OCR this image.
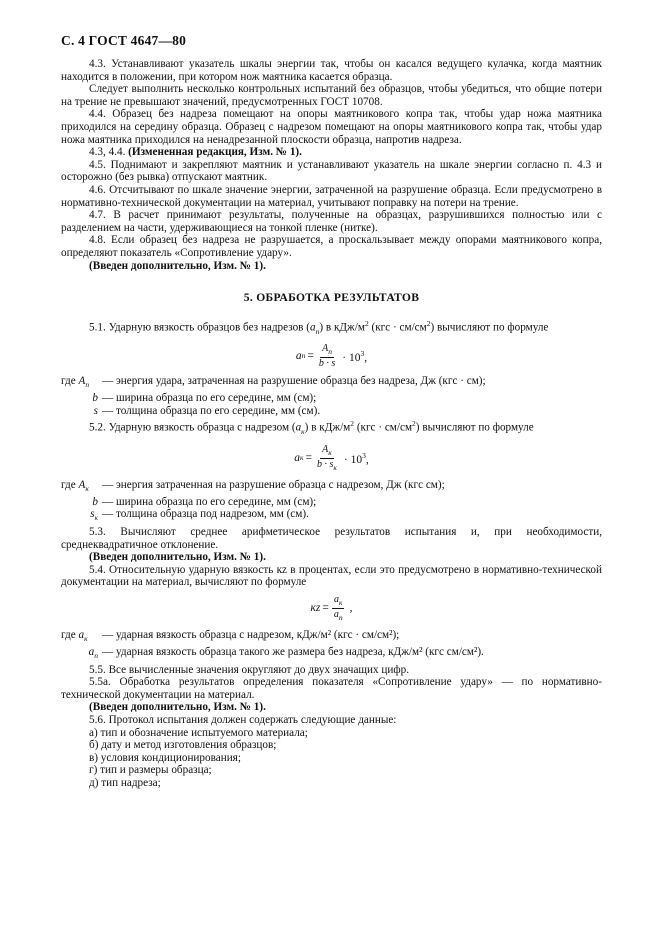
С. 4 ГОСТ 4647—80

4.3. Устанавливают указатель шкалы энергии так, чтобы он касался ведущего кулачка, когда маятник находится в положении, при котором нож маятника касается образца.

Следует выполнить несколько контрольных испытаний без образцов, чтобы убедиться, что общие потери на трение не превышают значений, предусмотренных ГОСТ 10708.

4.4. Образец без надреза помещают на опоры маятникового копра так, чтобы удар ножа маятника приходился на середину образца. Образец с надрезом помещают на опоры маятникового копра так, чтобы удар ножа маятника приходился на ненадрезанной плоскости образца, напротив надреза.

4.3, 4.4. (Измененная редакция, Изм. № 1).

4.5. Поднимают и закрепляют маятник и устанавливают указатель на шкале энергии согласно п. 4.3 и осторожно (без рывка) отпускают маятник.

4.6. Отсчитывают по шкале значение энергии, затраченной на разрушение образца. Если предусмотрено в нормативно-технической документации на материал, учитывают поправку на потери на трение.

4.7. В расчет принимают результаты, полученные на образцах, разрушившихся полностью или с разделением на части, удерживающиеся на тонкой пленке (нитке).

4.8. Если образец без надреза не разрушается, а проскальзывает между опорами маятникового копра, определяют показатель «Сопротивление удару».

(Введен дополнительно, Изм. № 1).

5. ОБРАБОТКА РЕЗУЛЬТАТОВ

5.1. Ударную вязкость образцов без надрезов $(a_n)$ в кДж/$м^2$ $(кгс \cdot см/см^2)$ вычисляют по формуле

a $n = \frac{A_n}{b \cdot s} \cdot 10^3$,
где $A_n$	— энергия удара, затраченная на разрушение образца без надреза, Дж (кгс · см);
b — ширина образца по его середине, мм (см);
s — толщина образца по его середине, мм (см).

5.2. Ударную вязкость образца с надрезом $(a_к)$ в кДж/$м^2$ $(кгс \cdot см/см^2)$ вычисляют по формуле

a $к = \frac{A_к}{b \cdot s_к} \cdot 10^3$,
где $A_к$	— энергия затраченная на разрушение образца с надрезом, Дж (кгс см);
b — ширина образца по его середине, мм (см);
$s_к$ — толщина образца под надрезом, мм (см).

5.3. Вычисляют среднее арифметическое результатов испытания и, при необходимости, среднеквадратичное отклонение.

(Введен дополнительно, Изм. № 1).

5.4. Относительную ударную вязкость кz в процентах, если это предусмотрено в нормативно-технической документации на материал, вычисляют по формуле

кz = $\frac{a_к}{a_n}$ ,
где $a_к$	— ударная вязкость образца с надрезом, кДж/м² (кгс · см/см²);
$a_n$ — ударная вязкость образца такого же размера без надреза, кДж/м² (кгс см/см²).

5.5. Все вычисленные значения округляют до двух значащих цифр.

5.5а. Обработка результатов определения показателя «Сопротивление удару» — по нормативно-технической документации на материал.

(Введен дополнительно, Изм. № 1).

5.6. Протокол испытания должен содержать следующие данные:

а) тип и обозначение испытуемого материала;

б) дату и метод изготовления образцов;

в) условия кондиционирования;

г) тип и размеры образца;

д) тип надреза;
